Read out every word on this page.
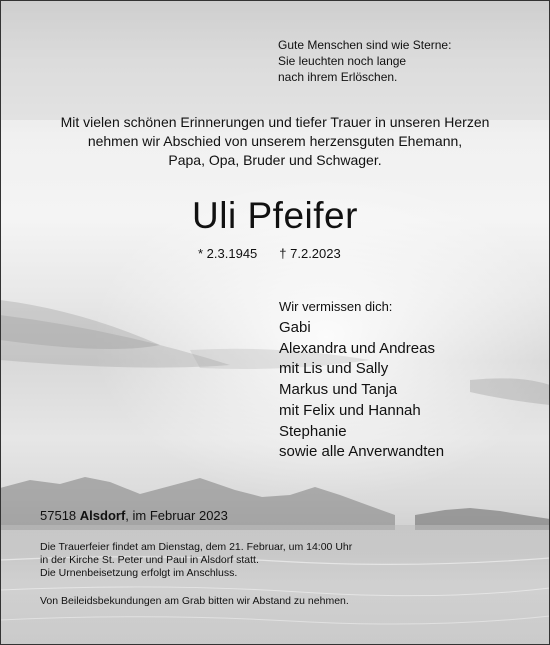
Gute Menschen sind wie Sterne:
Sie leuchten noch lange
nach ihrem Erlöschen.
Mit vielen schönen Erinnerungen und tiefer Trauer in unseren Herzen
nehmen wir Abschied von unserem herzensguten Ehemann,
Papa, Opa, Bruder und Schwager.
Uli Pfeifer
* 2.3.1945 † 7.2.2023
Wir vermissen dich:
Gabi
Alexandra und Andreas
mit Lis und Sally
Markus und Tanja
mit Felix und Hannah
Stephanie
sowie alle Anverwandten
57518 Alsdorf, im Februar 2023
Die Trauerfeier findet am Dienstag, dem 21. Februar, um 14:00 Uhr
in der Kirche St. Peter und Paul in Alsdorf statt.
Die Urnenbeisetzung erfolgt im Anschluss.
Von Beileidsbekundungen am Grab bitten wir Abstand zu nehmen.
